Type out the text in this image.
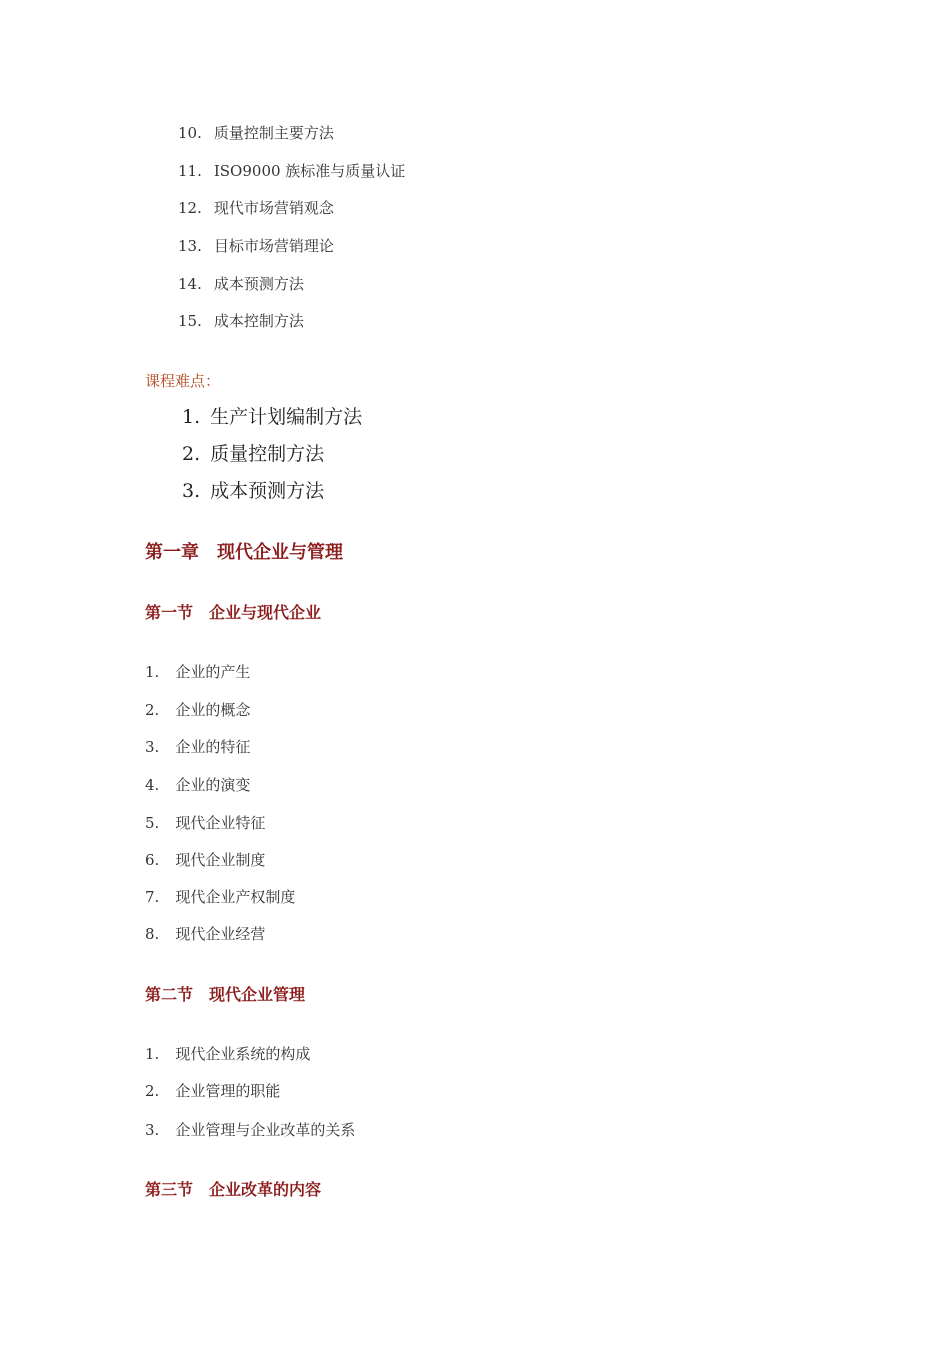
10. 质量控制主要方法
11. ISO9000 族标准与质量认证
12. 现代市场营销观念
13. 目标市场营销理论
14. 成本预测方法
15. 成本控制方法
课程难点：
1. 生产计划编制方法
2. 质量控制方法
3. 成本预测方法
第一章　现代企业与管理
第一节　企业与现代企业
1. 企业的产生
2. 企业的概念
3. 企业的特征
4. 企业的演变
5. 现代企业特征
6. 现代企业制度
7. 现代企业产权制度
8. 现代企业经营
第二节　现代企业管理
1. 现代企业系统的构成
2. 企业管理的职能
3. 企业管理与企业改革的关系
第三节　企业改革的内容
